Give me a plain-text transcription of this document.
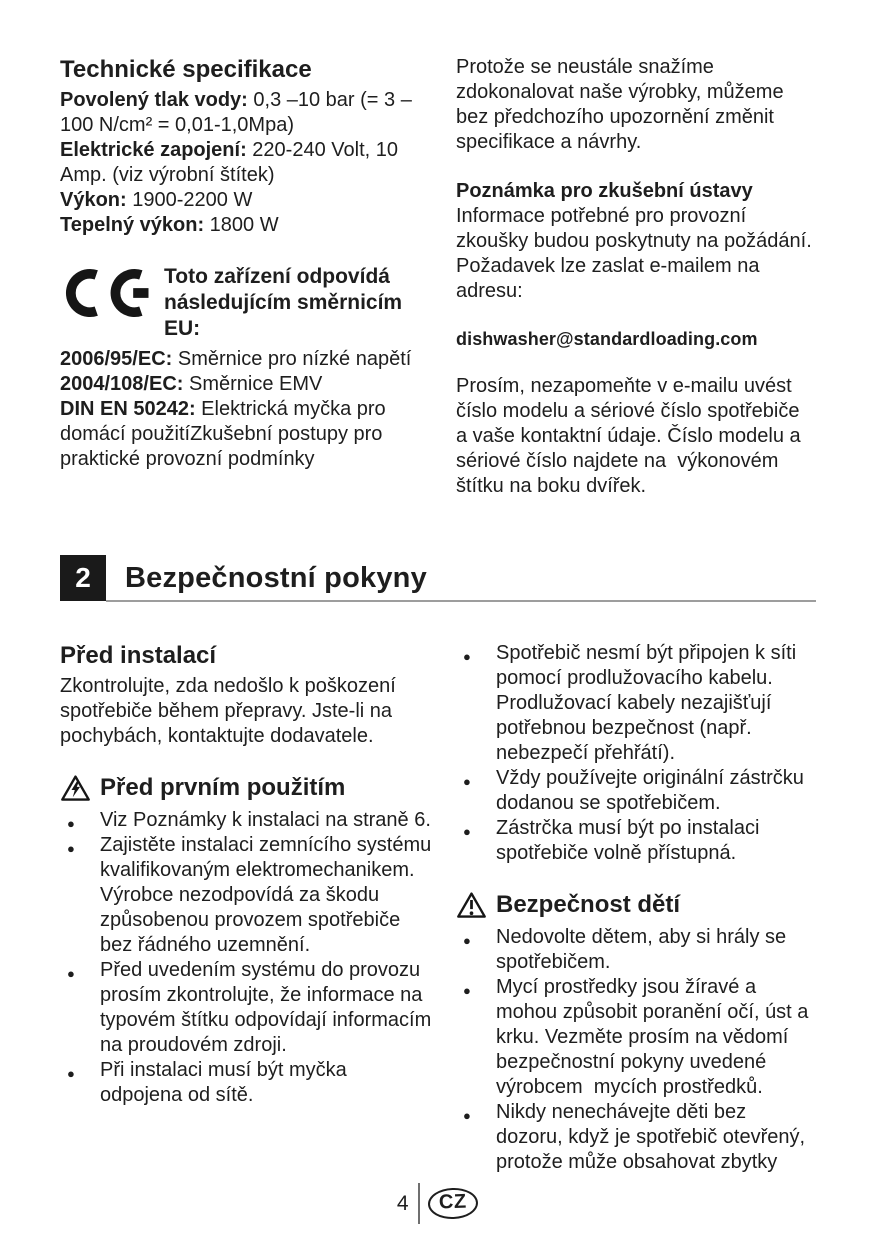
Technické specifikace

Povolený tlak vody: 0,3 –10 bar (= 3 – 100 N/cm² = 0,01-1,0Mpa)

Elektrické zapojení: 220-240 Volt, 10 Amp. (viz výrobní štítek)

Výkon: 1900-2200 W

Tepelný výkon: 1800 W

Toto zařízení odpovídá následujícím směrnicím EU:

2006/95/EC: Směrnice pro nízké napětí

2004/108/EC: Směrnice EMV

DIN EN 50242: Elektrická myčka pro domácí použitíZkušební postupy pro praktické provozní podmínky

Protože se neustále snažíme zdokonalovat naše výrobky, můžeme bez předchozího upozornění změnit specifikace a návrhy.

Poznámka pro zkušební ústavy

Informace potřebné pro provozní zkoušky budou poskytnuty na požádání. Požadavek lze zaslat e-mailem na adresu:

dishwasher@standardloading.com

Prosím, nezapomeňte v e-mailu uvést číslo modelu a sériové číslo spotřebiče a vaše kontaktní údaje. Číslo modelu a sériové číslo najdete na  výkonovém štítku na boku dvířek.

2	Bezpečnostní pokyny
Před instalací

Zkontrolujte, zda nedošlo k poškození spotřebiče během přepravy. Jste-li na pochybách, kontaktujte dodavatele.

Před prvním použitím
● Viz Poznámky k instalaci na straně 6.
● Zajistěte instalaci zemnícího systému  kvalifikovaným elektromechanikem. Výrobce nezodpovídá za škodu způsobenou provozem spotřebiče bez řádného uzemnění.
● Před uvedením systému do provozu prosím zkontrolujte, že informace na typovém štítku odpovídají informacím na proudovém zdroji.
● Při instalaci musí být myčka odpojena od sítě.
● Spotřebič nesmí být připojen k síti pomocí prodlužovacího kabelu. Prodlužovací kabely nezajišťují potřebnou bezpečnost (např. nebezpečí přehřátí).
● Vždy používejte originální zástrčku dodanou se spotřebičem.
● Zástrčka musí být po instalaci spotřebiče volně přístupná.
Bezpečnost dětí
● Nedovolte dětem, aby si hrály se spotřebičem.
● Mycí prostředky jsou žíravé a mohou způsobit poranění očí, úst a krku. Vezměte prosím na vědomí bezpečnostní pokyny uvedené výrobcem  mycích prostředků.
● Nikdy nenechávejte děti bez dozoru, když je spotřebič otevřený, protože může obsahovat zbytky
4	CZ
